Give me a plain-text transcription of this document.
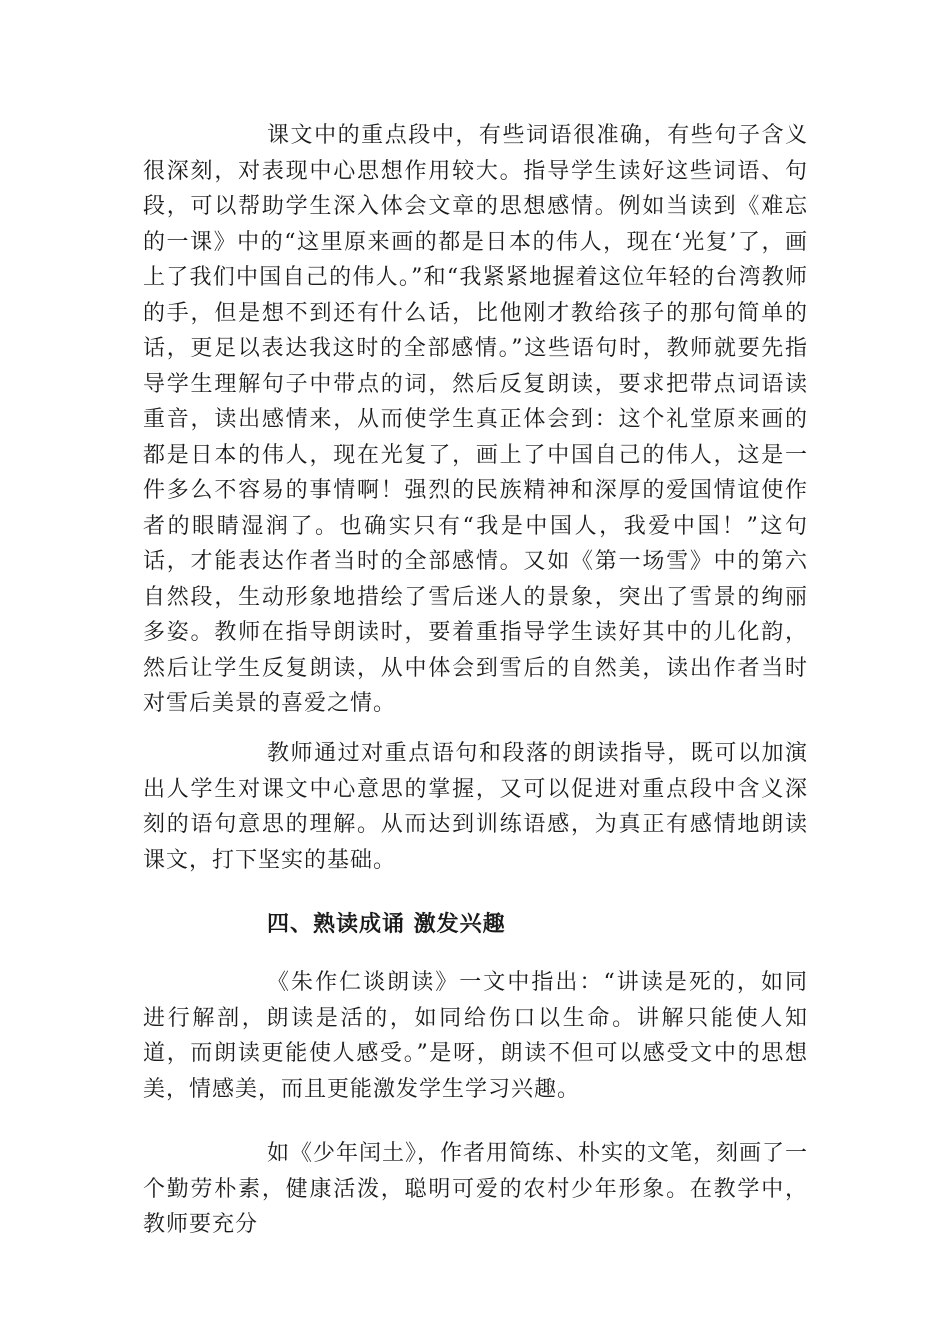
课文中的重点段中，有些词语很准确，有些句子含义很深刻，对表现中心思想作用较大。指导学生读好这些词语、句段，可以帮助学生深入体会文章的思想感情。例如当读到《难忘的一课》中的“这里原来画的都是日本的伟人，现在‘光复’了，画上了我们中国自己的伟人。”和“我紧紧地握着这位年轻的台湾教师的手，但是想不到还有什么话，比他刚才教给孩子的那句简单的话，更足以表达我这时的全部感情。”这些语句时，教师就要先指导学生理解句子中带点的词，然后反复朗读，要求把带点词语读重音，读出感情来，从而使学生真正体会到：这个礼堂原来画的都是日本的伟人，现在光复了，画上了中国自己的伟人，这是一件多么不容易的事情啊！强烈的民族精神和深厚的爱国情谊使作者的眼睛湿润了。也确实只有“我是中国人，我爱中国！”这句话，才能表达作者当时的全部感情。又如《第一场雪》中的第六自然段，生动形象地措绘了雪后迷人的景象，突出了雪景的绚丽多姿。教师在指导朗读时，要着重指导学生读好其中的儿化韵，然后让学生反复朗读，从中体会到雪后的自然美，读出作者当时对雪后美景的喜爱之情。

教师通过对重点语句和段落的朗读指导，既可以加演出人学生对课文中心意思的掌握，又可以促进对重点段中含义深刻的语句意思的理解。从而达到训练语感，为真正有感情地朗读课文，打下坚实的基础。

四、熟读成诵 激发兴趣

《朱作仁谈朗读》一文中指出：“讲读是死的，如同进行解剖，朗读是活的，如同给伤口以生命。讲解只能使人知道，而朗读更能使人感受。”是呀，朗读不但可以感受文中的思想美，情感美，而且更能激发学生学习兴趣。

如《少年闰土》，作者用简练、朴实的文笔，刻画了一个勤劳朴素，健康活泼，聪明可爱的农村少年形象。在教学中，教师要充分
